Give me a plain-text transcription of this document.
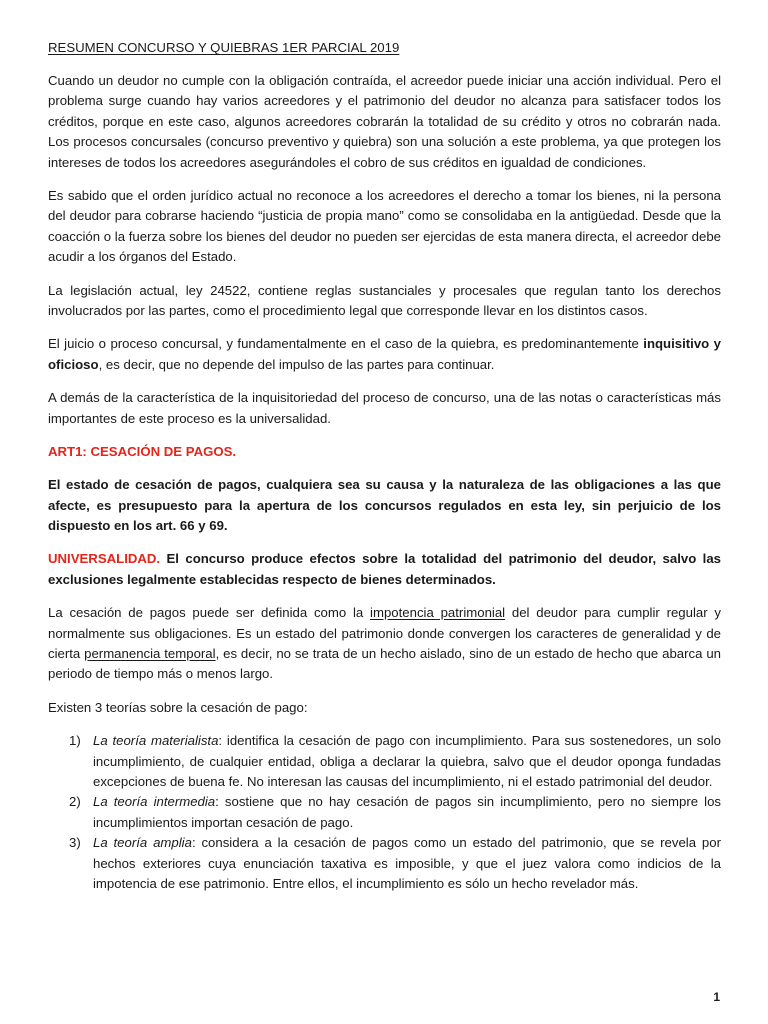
RESUMEN CONCURSO Y QUIEBRAS 1ER PARCIAL 2019

Cuando un deudor no cumple con la obligación contraída, el acreedor puede iniciar una acción individual. Pero el problema surge cuando hay varios acreedores y el patrimonio del deudor no alcanza para satisfacer todos los créditos, porque en este caso, algunos acreedores cobrarán la totalidad de su crédito y otros no cobrarán nada. Los procesos concursales (concurso preventivo y quiebra) son una solución a este problema, ya que protegen los intereses de todos los acreedores asegurándoles el cobro de sus créditos en igualdad de condiciones.

Es sabido que el orden jurídico actual no reconoce a los acreedores el derecho a tomar los bienes, ni la persona del deudor para cobrarse haciendo “justicia de propia mano” como se consolidaba en la antigüedad. Desde que la coacción o la fuerza sobre los bienes del deudor no pueden ser ejercidas de esta manera directa, el acreedor debe acudir a los órganos del Estado.

La legislación actual, ley 24522, contiene reglas sustanciales y procesales que regulan tanto los derechos involucrados por las partes, como el procedimiento legal que corresponde llevar en los distintos casos.

El juicio o proceso concursal, y fundamentalmente en el caso de la quiebra, es predominantemente inquisitivo y oficioso, es decir, que no depende del impulso de las partes para continuar.

A demás de la característica de la inquisitoriedad del proceso de concurso, una de las notas o características más importantes de este proceso es la universalidad.

ART1: CESACIÓN DE PAGOS.

El estado de cesación de pagos, cualquiera sea su causa y la naturaleza de las obligaciones a las que afecte, es presupuesto para la apertura de los concursos regulados en esta ley, sin perjuicio de los dispuesto en los art. 66 y 69.

UNIVERSALIDAD. El concurso produce efectos sobre la totalidad del patrimonio del deudor, salvo las exclusiones legalmente establecidas respecto de bienes determinados.

La cesación de pagos puede ser definida como la impotencia patrimonial del deudor para cumplir regular y normalmente sus obligaciones. Es un estado del patrimonio donde convergen los caracteres de generalidad y de cierta permanencia temporal, es decir, no se trata de un hecho aislado, sino de un estado de hecho que abarca un periodo de tiempo más o menos largo.

Existen 3 teorías sobre la cesación de pago:

1) La teoría materialista: identifica la cesación de pago con incumplimiento. Para sus sostenedores, un solo incumplimiento, de cualquier entidad, obliga a declarar la quiebra, salvo que el deudor oponga fundadas excepciones de buena fe. No interesan las causas del incumplimiento, ni el estado patrimonial del deudor.
2) La teoría intermedia: sostiene que no hay cesación de pagos sin incumplimiento, pero no siempre los incumplimientos importan cesación de pago.
3) La teoría amplia: considera a la cesación de pagos como un estado del patrimonio, que se revela por hechos exteriores cuya enunciación taxativa es imposible, y que el juez valora como indicios de la impotencia de ese patrimonio. Entre ellos, el incumplimiento es sólo un hecho revelador más.
1
